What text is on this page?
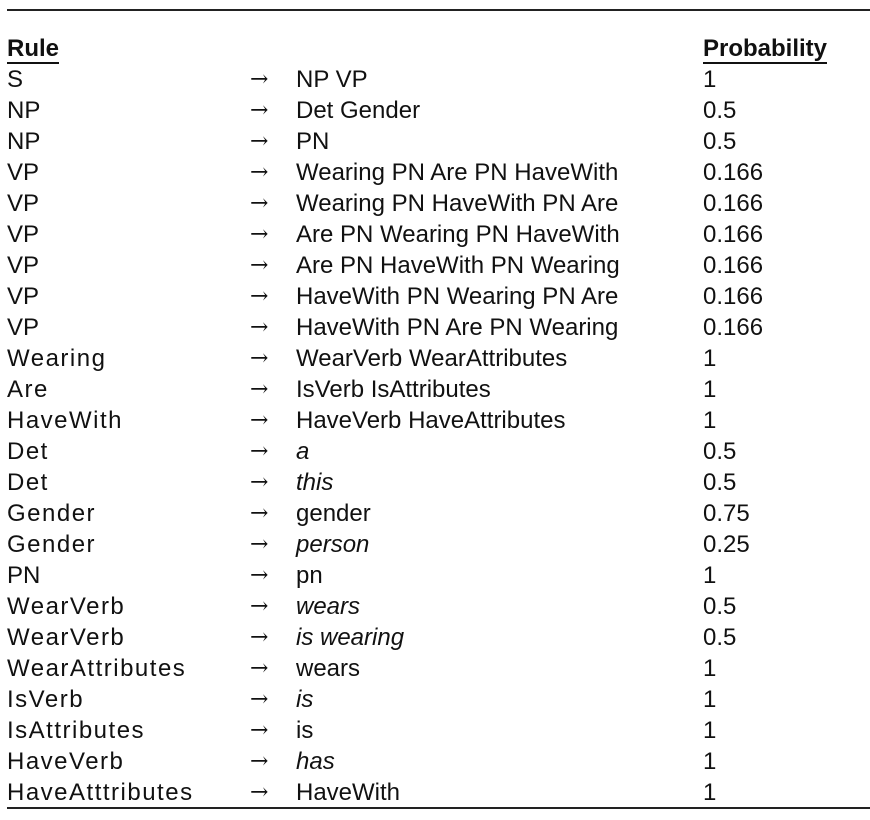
Rule			Probability
S	→	NP VP	1
NP	→	Det Gender	0.5
NP	→	PN	0.5
VP	→	Wearing PN Are PN HaveWith	0.166
VP	→	Wearing PN HaveWith PN Are	0.166
VP	→	Are PN Wearing PN HaveWith	0.166
VP	→	Are PN HaveWith PN Wearing	0.166
VP	→	HaveWith PN Wearing PN Are	0.166
VP	→	HaveWith PN Are PN Wearing	0.166
Wearing	→	WearVerb WearAttributes	1
Are	→	IsVerb IsAttributes	1
HaveWith	→	HaveVerb HaveAttributes	1
Det	→	a	0.5
Det	→	this	0.5
Gender	→	gender	0.75
Gender	→	person	0.25
PN	→	pn	1
WearVerb	→	wears	0.5
WearVerb	→	is wearing	0.5
WearAttributes	→	wears	1
IsVerb	→	is	1
IsAttributes	→	is	1
HaveVerb	→	has	1
HaveAtttributes	→	HaveWith	1
